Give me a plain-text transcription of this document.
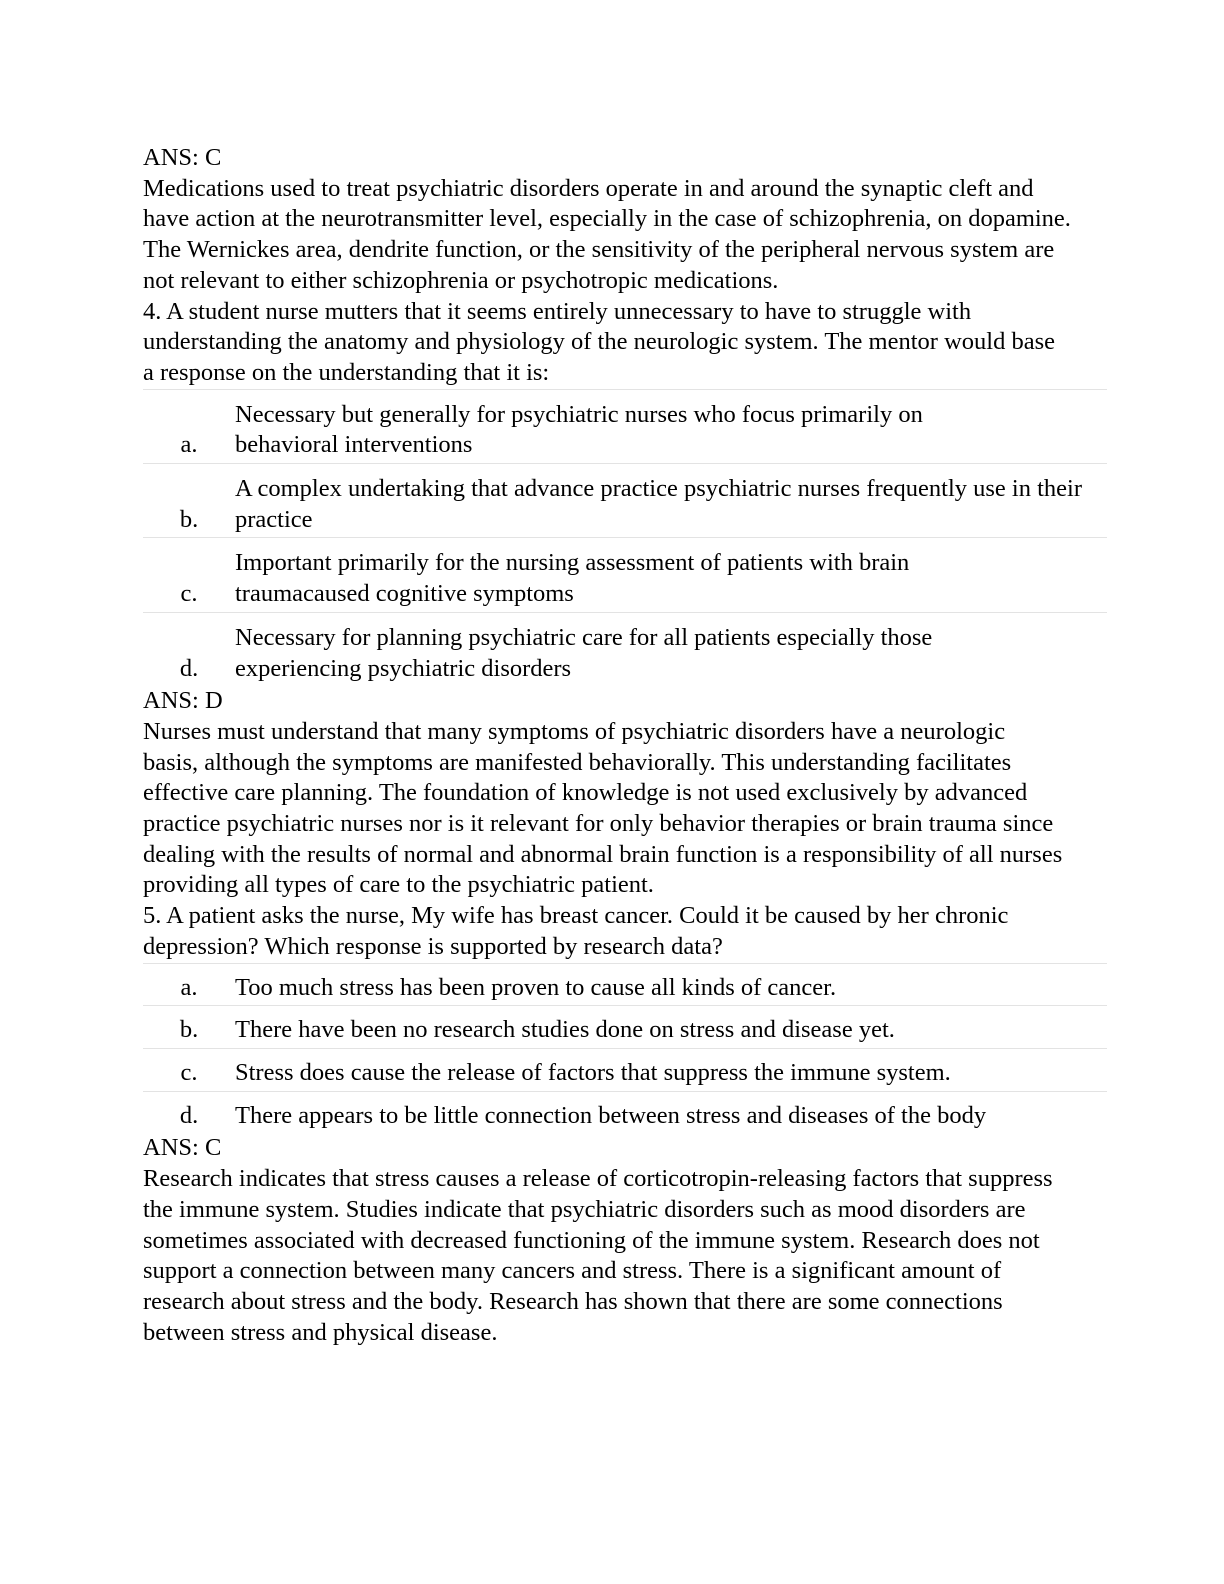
ANS: C

Medications used to treat psychiatric disorders operate in and around the synaptic cleft and have action at the neurotransmitter level, especially in the case of schizophrenia, on dopamine. The Wernickes area, dendrite function, or the sensitivity of the peripheral nervous system are not relevant to either schizophrenia or psychotropic medications.

4. A student nurse mutters that it seems entirely unnecessary to have to struggle with understanding the anatomy and physiology of the neurologic system. The mentor would base a response on the understanding that it is:

a.	Necessary but generally for psychiatric nurses who focus primarily on behavioral interventions
b.	A complex undertaking that advance practice psychiatric nurses frequently use in their practice
c.	Important primarily for the nursing assessment of patients with brain traumacaused cognitive symptoms
d.	Necessary for planning psychiatric care for all patients especially those experiencing psychiatric disorders

ANS: D

Nurses must understand that many symptoms of psychiatric disorders have a neurologic basis, although the symptoms are manifested behaviorally. This understanding facilitates effective care planning. The foundation of knowledge is not used exclusively by advanced practice psychiatric nurses nor is it relevant for only behavior therapies or brain trauma since dealing with the results of normal and abnormal brain function is a responsibility of all nurses providing all types of care to the psychiatric patient.

5. A patient asks the nurse, My wife has breast cancer. Could it be caused by her chronic depression? Which response is supported by research data?

a.	Too much stress has been proven to cause all kinds of cancer.
b.	There have been no research studies done on stress and disease yet.
c.	Stress does cause the release of factors that suppress the immune system.
d.	There appears to be little connection between stress and diseases of the body

ANS: C

Research indicates that stress causes a release of corticotropin-releasing factors that suppress the immune system. Studies indicate that psychiatric disorders such as mood disorders are sometimes associated with decreased functioning of the immune system. Research does not support a connection between many cancers and stress. There is a significant amount of research about stress and the body. Research has shown that there are some connections between stress and physical disease.
